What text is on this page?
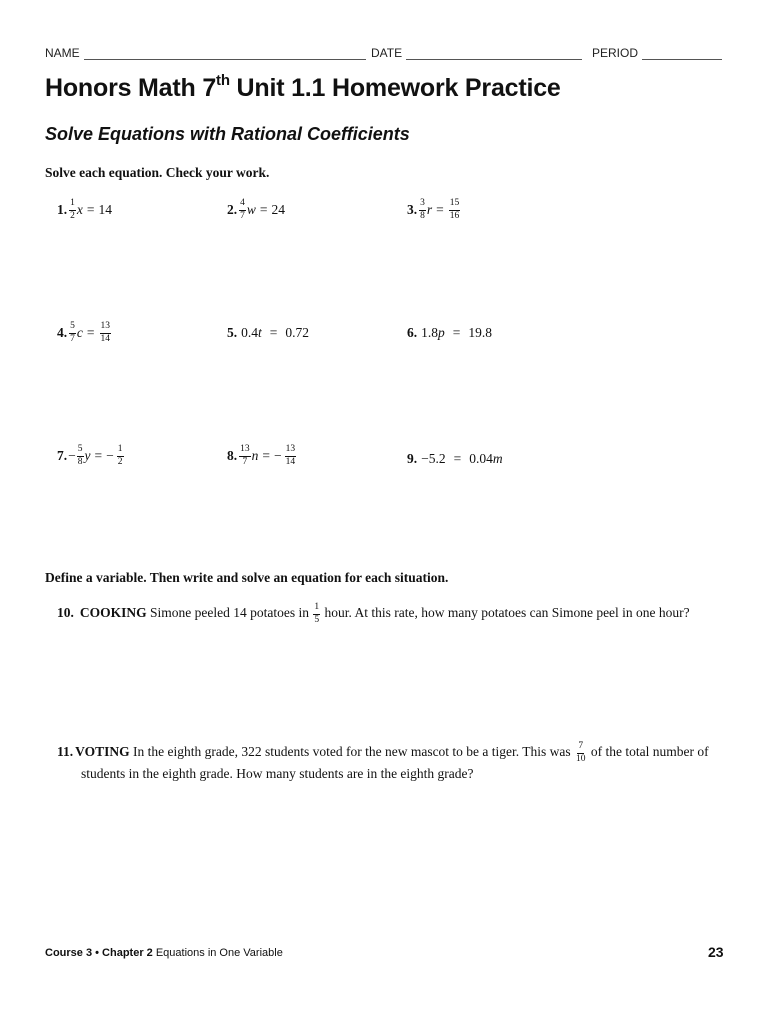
NAME	DATE	PERIOD
Honors Math 7th Unit 1.1 Homework Practice
Solve Equations with Rational Coefficients
Solve each equation. Check your work.
1. $\frac{1}{2}$ x = 14	2. $\frac{4}{7}$ w = 24	3. $\frac{3}{8}$ $r = \frac{15}{16}$
4. $\frac{5}{7}$ $c = \frac{13}{14}$	5. 0.4 t = 0.72	6. 1.8 p = 19.8
7. − $\frac{5}{8}$ y = − $\frac{1}{2}$	8. $\frac{13}{7}$ n = − $\frac{13}{14}$	9. −5.2 = 0.04 m
Define a variable. Then write and solve an equation for each situation.
10. COOKING Simone peeled 14 potatoes in $\frac{1}{5}$ hour. At this rate, how many potatoes can Simone peel in one hour?
11. VOTING In the eighth grade, 322 students voted for the new mascot to be a tiger. This was $\frac{7}{10}$ of the total number of
students in the eighth grade. How many students are in the eighth grade?
Course 3 • Chapter 2 Equations in One Variable	23
